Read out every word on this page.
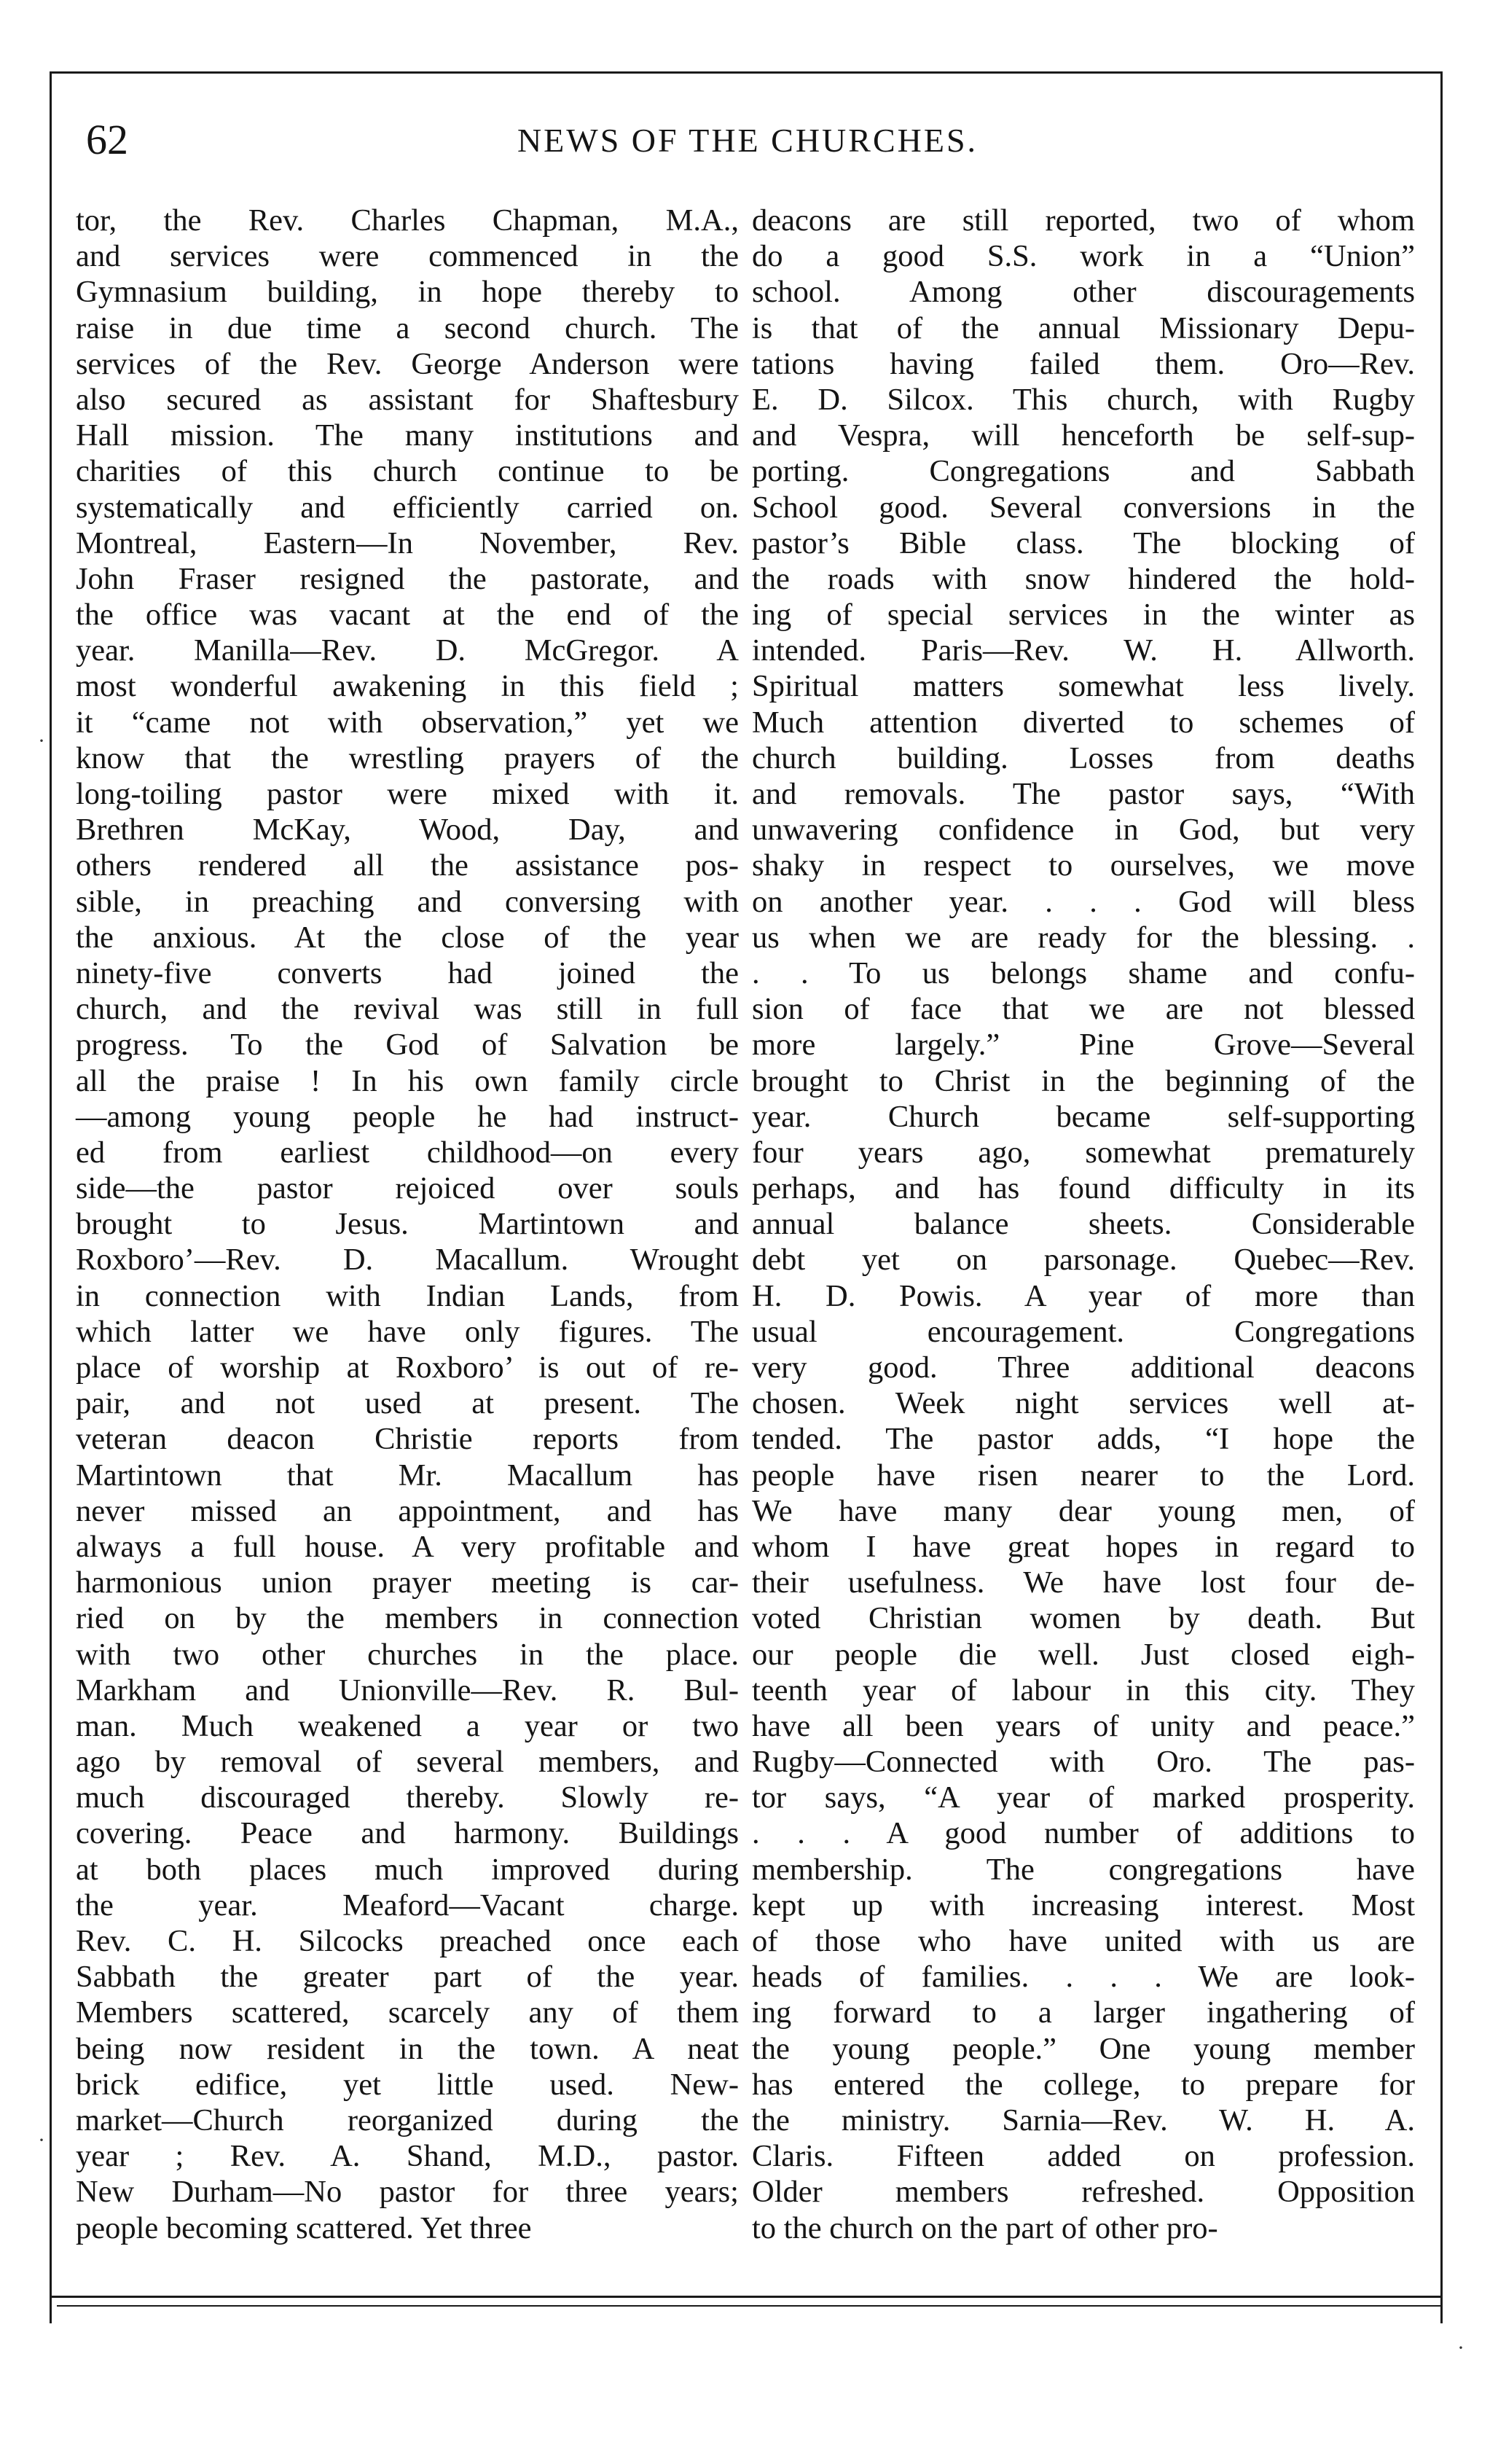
62	NEWS OF THE CHURCHES.
tor, the Rev. Charles Chapman, M.A.,
and services were commenced in the
Gymnasium building, in hope thereby to
raise in due time a second church. The
services of the Rev. George Anderson were
also secured as assistant for Shaftesbury
Hall mission. The many institutions and
charities of this church continue to be
systematically and efficiently carried on.
Montreal, Eastern—In November, Rev.
John Fraser resigned the pastorate, and
the office was vacant at the end of the
year. Manilla—Rev. D. McGregor. A
most wonderful awakening in this field ;
it “came not with observation,” yet we
know that the wrestling prayers of the
long-toiling pastor were mixed with it.
Brethren McKay, Wood, Day, and
others rendered all the assistance pos-
sible, in preaching and conversing with
the anxious. At the close of the year
ninety-five converts had joined the
church, and the revival was still in full
progress. To the God of Salvation be
all the praise ! In his own family circle
—among young people he had instruct-
ed from earliest childhood—on every
side—the pastor rejoiced over souls
brought to Jesus. Martintown and
Roxboro’—Rev. D. Macallum. Wrought
in connection with Indian Lands, from
which latter we have only figures. The
place of worship at Roxboro’ is out of re-
pair, and not used at present. The
veteran deacon Christie reports from
Martintown that Mr. Macallum has
never missed an appointment, and has
always a full house. A very profitable and
harmonious union prayer meeting is car-
ried on by the members in connection
with two other churches in the place.
Markham and Unionville—Rev. R. Bul-
man. Much weakened a year or two
ago by removal of several members, and
much discouraged thereby. Slowly re-
covering. Peace and harmony. Buildings
at both places much improved during
the year. Meaford—Vacant charge.
Rev. C. H. Silcocks preached once each
Sabbath the greater part of the year.
Members scattered, scarcely any of them
being now resident in the town. A neat
brick edifice, yet little used. New-
market—Church reorganized during the
year ; Rev. A. Shand, M.D., pastor.
New Durham—No pastor for three years;
people becoming scattered. Yet three
deacons are still reported, two of whom
do a good S.S. work in a “Union”
school. Among other discouragements
is that of the annual Missionary Depu-
tations having failed them. Oro—Rev.
E. D. Silcox. This church, with Rugby
and Vespra, will henceforth be self-sup-
porting. Congregations and Sabbath
School good. Several conversions in the
pastor’s Bible class. The blocking of
the roads with snow hindered the hold-
ing of special services in the winter as
intended. Paris—Rev. W. H. Allworth.
Spiritual matters somewhat less lively.
Much attention diverted to schemes of
church building. Losses from deaths
and removals. The pastor says, “With
unwavering confidence in God, but very
shaky in respect to ourselves, we move
on another year. . . . God will bless
us when we are ready for the blessing. .
. . To us belongs shame and confu-
sion of face that we are not blessed
more largely.” Pine Grove—Several
brought to Christ in the beginning of the
year. Church became self-supporting
four years ago, somewhat prematurely
perhaps, and has found difficulty in its
annual balance sheets. Considerable
debt yet on parsonage. Quebec—Rev.
H. D. Powis. A year of more than
usual encouragement. Congregations
very good. Three additional deacons
chosen. Week night services well at-
tended. The pastor adds, “I hope the
people have risen nearer to the Lord.
We have many dear young men, of
whom I have great hopes in regard to
their usefulness. We have lost four de-
voted Christian women by death. But
our people die well. Just closed eigh-
teenth year of labour in this city. They
have all been years of unity and peace.”
Rugby—Connected with Oro. The pas-
tor says, “A year of marked prosperity.
. . . A good number of additions to
membership. The congregations have
kept up with increasing interest. Most
of those who have united with us are
heads of families. . . . We are look-
ing forward to a larger ingathering of
the young people.” One young member
has entered the college, to prepare for
the ministry. Sarnia—Rev. W. H. A.
Claris. Fifteen added on profession.
Older members refreshed. Opposition
to the church on the part of other pro-
·
·
·
